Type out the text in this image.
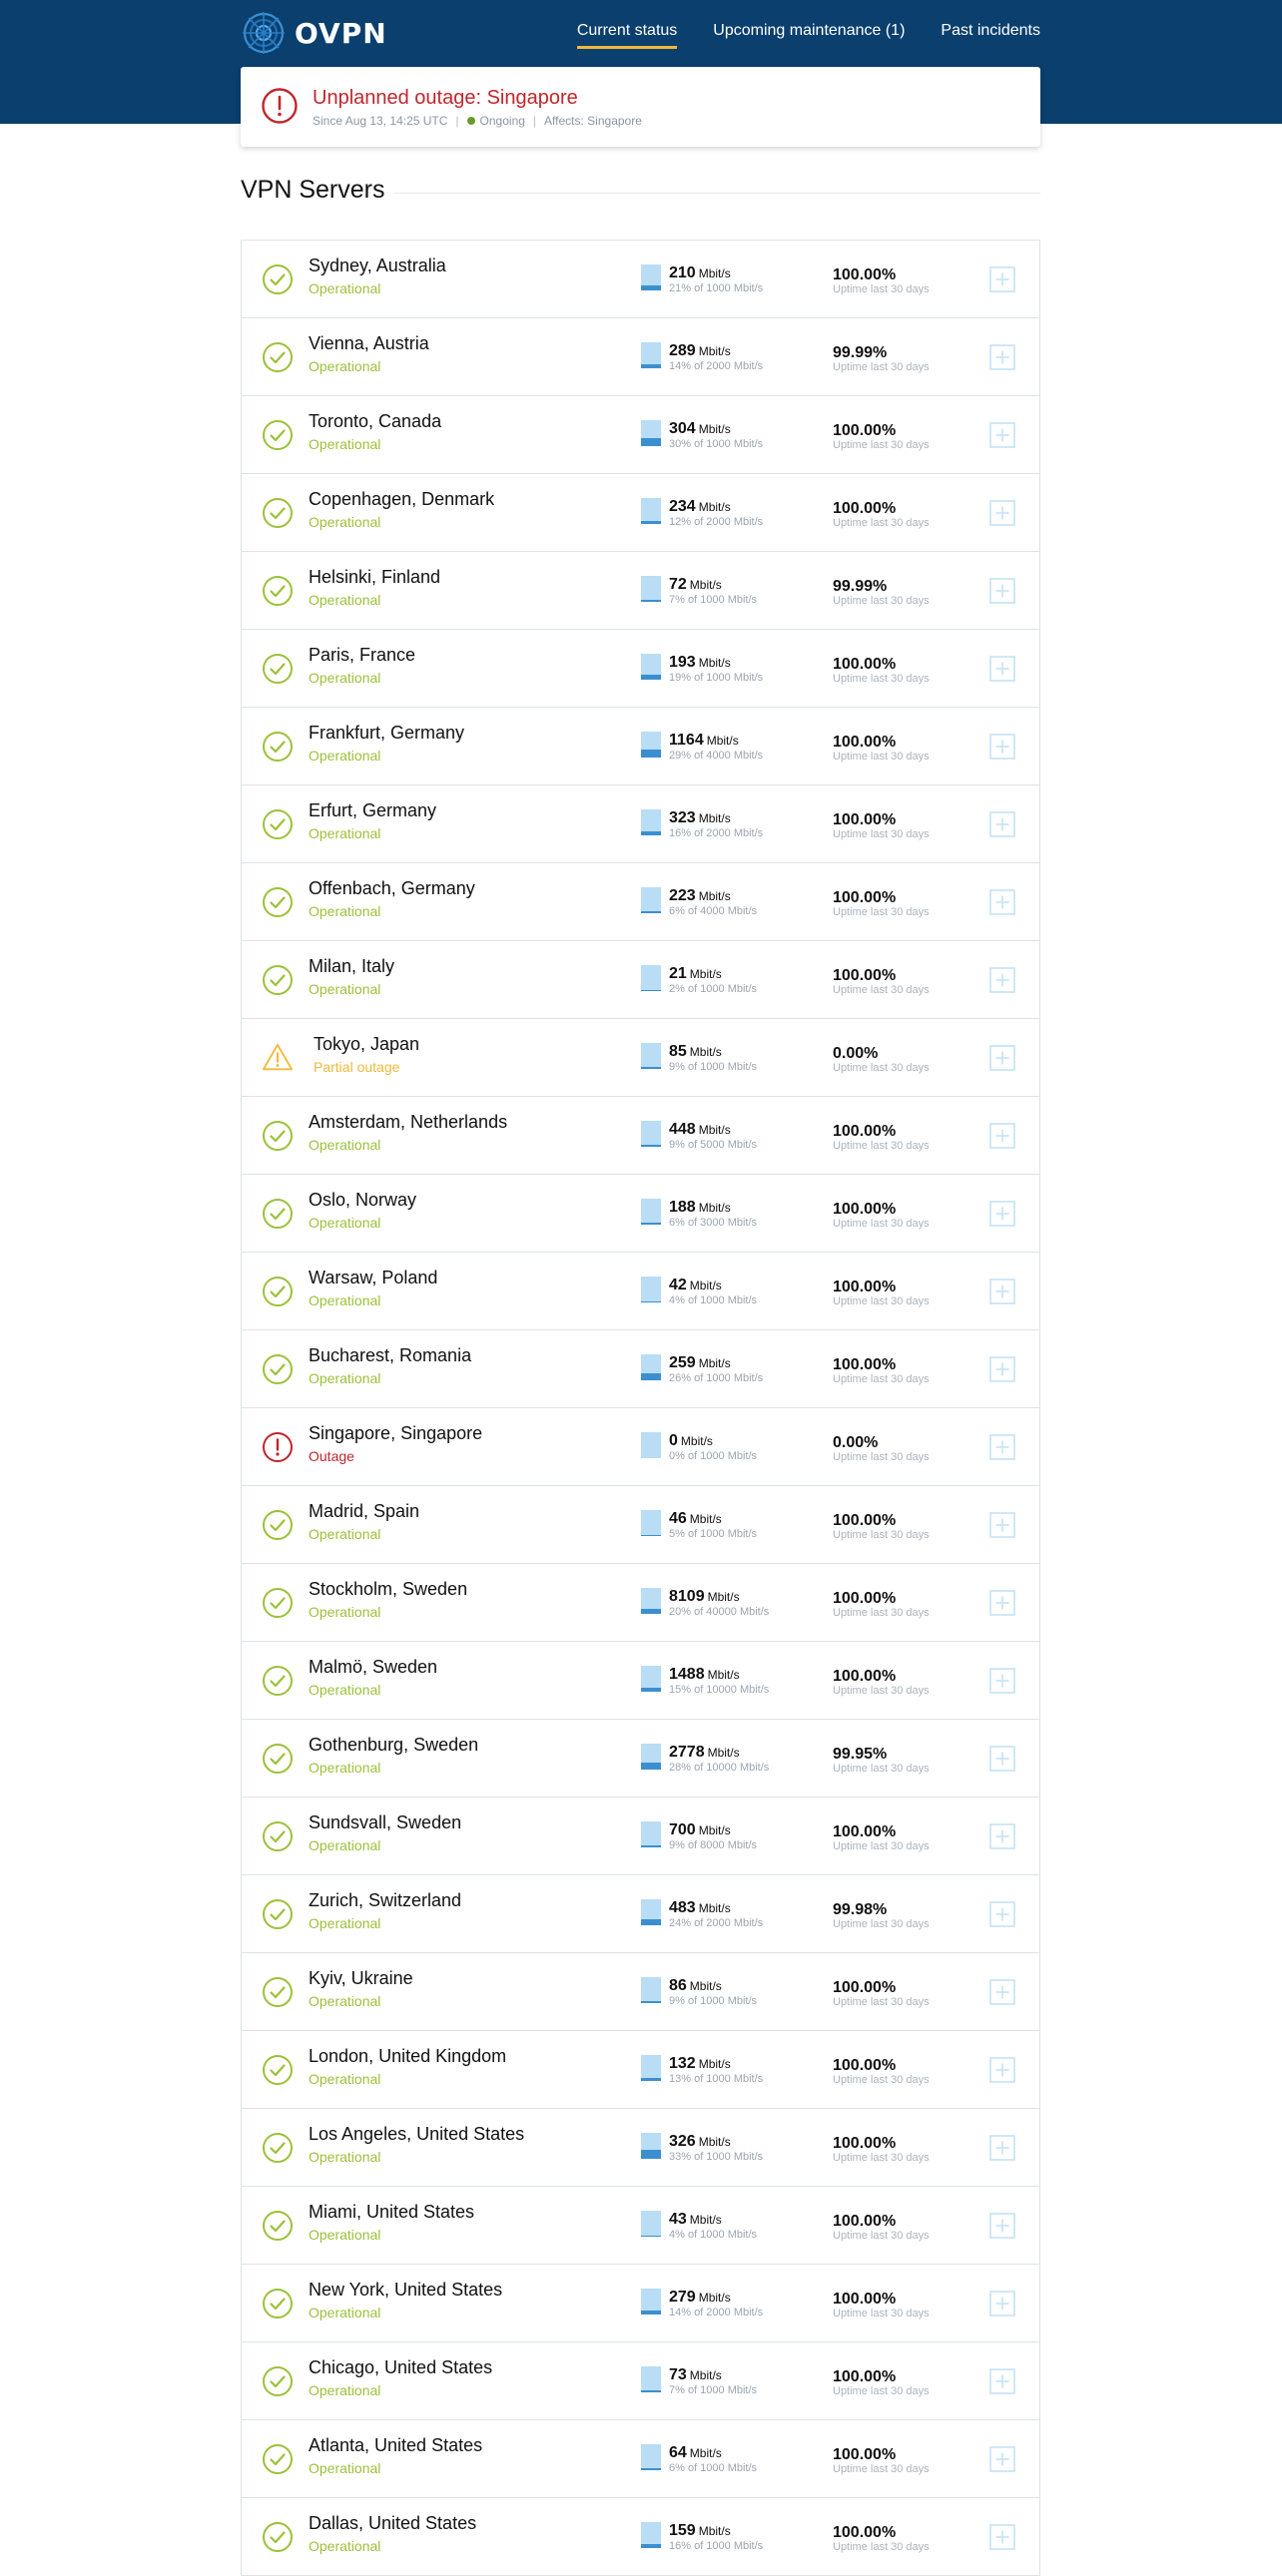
OVPN	Current status Upcoming maintenance (1) Past incidents
Unplanned outage: Singapore
Since Aug 13, 14:25 UTC | Ongoing | Affects: Singapore
VPN Servers
Sydney, Australia
Operational
210 Mbit/s
21% of 1000 Mbit/s
100.00%
Uptime last 30 days
Vienna, Austria
Operational
289 Mbit/s
14% of 2000 Mbit/s
99.99%
Uptime last 30 days
Toronto, Canada
Operational
304 Mbit/s
30% of 1000 Mbit/s
100.00%
Uptime last 30 days
Copenhagen, Denmark
Operational
234 Mbit/s
12% of 2000 Mbit/s
100.00%
Uptime last 30 days
Helsinki, Finland
Operational
72 Mbit/s
7% of 1000 Mbit/s
99.99%
Uptime last 30 days
Paris, France
Operational
193 Mbit/s
19% of 1000 Mbit/s
100.00%
Uptime last 30 days
Frankfurt, Germany
Operational
1164 Mbit/s
29% of 4000 Mbit/s
100.00%
Uptime last 30 days
Erfurt, Germany
Operational
323 Mbit/s
16% of 2000 Mbit/s
100.00%
Uptime last 30 days
Offenbach, Germany
Operational
223 Mbit/s
6% of 4000 Mbit/s
100.00%
Uptime last 30 days
Milan, Italy
Operational
21 Mbit/s
2% of 1000 Mbit/s
100.00%
Uptime last 30 days
Tokyo, Japan
Partial outage
85 Mbit/s
9% of 1000 Mbit/s
0.00%
Uptime last 30 days
Amsterdam, Netherlands
Operational
448 Mbit/s
9% of 5000 Mbit/s
100.00%
Uptime last 30 days
Oslo, Norway
Operational
188 Mbit/s
6% of 3000 Mbit/s
100.00%
Uptime last 30 days
Warsaw, Poland
Operational
42 Mbit/s
4% of 1000 Mbit/s
100.00%
Uptime last 30 days
Bucharest, Romania
Operational
259 Mbit/s
26% of 1000 Mbit/s
100.00%
Uptime last 30 days
Singapore, Singapore
Outage
0 Mbit/s
0% of 1000 Mbit/s
0.00%
Uptime last 30 days
Madrid, Spain
Operational
46 Mbit/s
5% of 1000 Mbit/s
100.00%
Uptime last 30 days
Stockholm, Sweden
Operational
8109 Mbit/s
20% of 40000 Mbit/s
100.00%
Uptime last 30 days
Malmö, Sweden
Operational
1488 Mbit/s
15% of 10000 Mbit/s
100.00%
Uptime last 30 days
Gothenburg, Sweden
Operational
2778 Mbit/s
28% of 10000 Mbit/s
99.95%
Uptime last 30 days
Sundsvall, Sweden
Operational
700 Mbit/s
9% of 8000 Mbit/s
100.00%
Uptime last 30 days
Zurich, Switzerland
Operational
483 Mbit/s
24% of 2000 Mbit/s
99.98%
Uptime last 30 days
Kyiv, Ukraine
Operational
86 Mbit/s
9% of 1000 Mbit/s
100.00%
Uptime last 30 days
London, United Kingdom
Operational
132 Mbit/s
13% of 1000 Mbit/s
100.00%
Uptime last 30 days
Los Angeles, United States
Operational
326 Mbit/s
33% of 1000 Mbit/s
100.00%
Uptime last 30 days
Miami, United States
Operational
43 Mbit/s
4% of 1000 Mbit/s
100.00%
Uptime last 30 days
New York, United States
Operational
279 Mbit/s
14% of 2000 Mbit/s
100.00%
Uptime last 30 days
Chicago, United States
Operational
73 Mbit/s
7% of 1000 Mbit/s
100.00%
Uptime last 30 days
Atlanta, United States
Operational
64 Mbit/s
6% of 1000 Mbit/s
100.00%
Uptime last 30 days
Dallas, United States
Operational
159 Mbit/s
16% of 1000 Mbit/s
100.00%
Uptime last 30 days
